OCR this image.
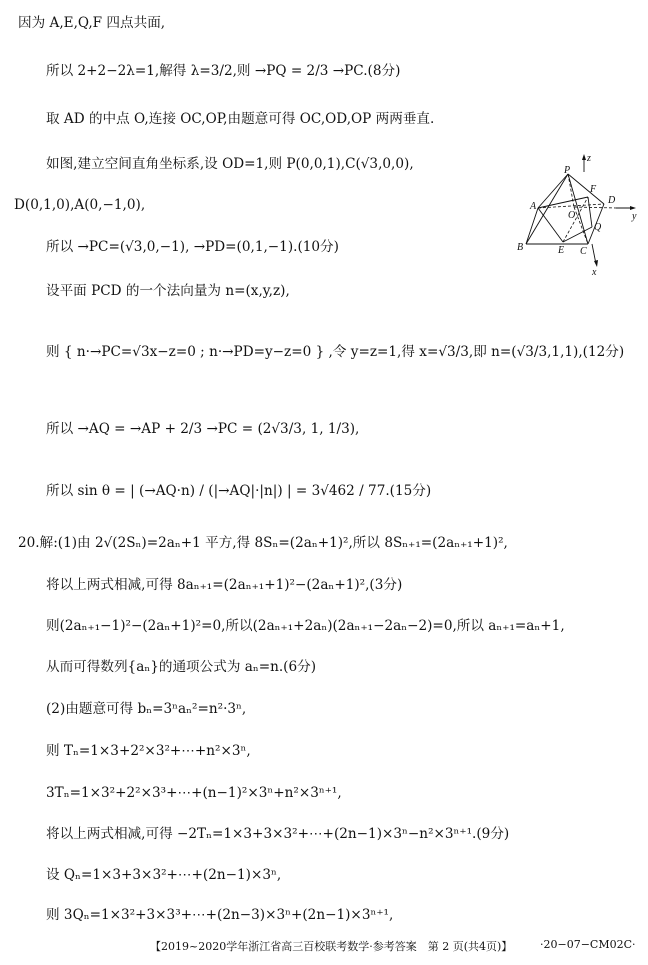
因为 A,E,Q,F 四点共面,
所以 2+2−2λ=1,解得 λ=3/2,则 →PQ = 2/3 →PC.(8分)
取 AD 的中点 O,连接 OC,OP,由题意可得 OC,OD,OP 两两垂直.
如图,建立空间直角坐标系,设 OD=1,则 P(0,0,1),C(√3,0,0),
D(0,1,0),A(0,−1,0),
所以 →PC=(√3,0,−1), →PD=(0,1,−1).(10分)
设平面 PCD 的一个法向量为 n=(x,y,z),
则 { n·→PC=√3x−z=0 ; n·→PD=y−z=0 } ,令 y=z=1,得 x=√3/3,即 n=(√3/3,1,1),(12分)
所以 →AQ = →AP + 2/3 →PC = (2√3/3, 1, 1/3),
所以 sin θ = | (→AQ·n) / (|→AQ|·|n|) | = 3√462 / 77.(15分)
20.解:(1)由 2√(2Sₙ)=2aₙ+1 平方,得 8Sₙ=(2aₙ+1)²,所以 8Sₙ₊₁=(2aₙ₊₁+1)²,
将以上两式相减,可得 8aₙ₊₁=(2aₙ₊₁+1)²−(2aₙ+1)²,(3分)
则(2aₙ₊₁−1)²−(2aₙ+1)²=0,所以(2aₙ₊₁+2aₙ)(2aₙ₊₁−2aₙ−2)=0,所以 aₙ₊₁=aₙ+1,
从而可得数列{aₙ}的通项公式为 aₙ=n.(6分)
(2)由题意可得 bₙ=3ⁿaₙ²=n²·3ⁿ,
则 Tₙ=1×3+2²×3²+⋯+n²×3ⁿ,
3Tₙ=1×3²+2²×3³+⋯+(n−1)²×3ⁿ+n²×3ⁿ⁺¹,
将以上两式相减,可得 −2Tₙ=1×3+3×3²+⋯+(2n−1)×3ⁿ−n²×3ⁿ⁺¹.(9分)
设 Qₙ=1×3+3×3²+⋯+(2n−1)×3ⁿ,
则 3Qₙ=1×3²+3×3³+⋯+(2n−3)×3ⁿ+(2n−1)×3ⁿ⁺¹,
z
P
F
A
O
D
y
B	E C
Q
x
【2019~2020学年浙江省高三百校联考数学·参考答案　第 2 页(共4页)】	·20−07−CM02C·
